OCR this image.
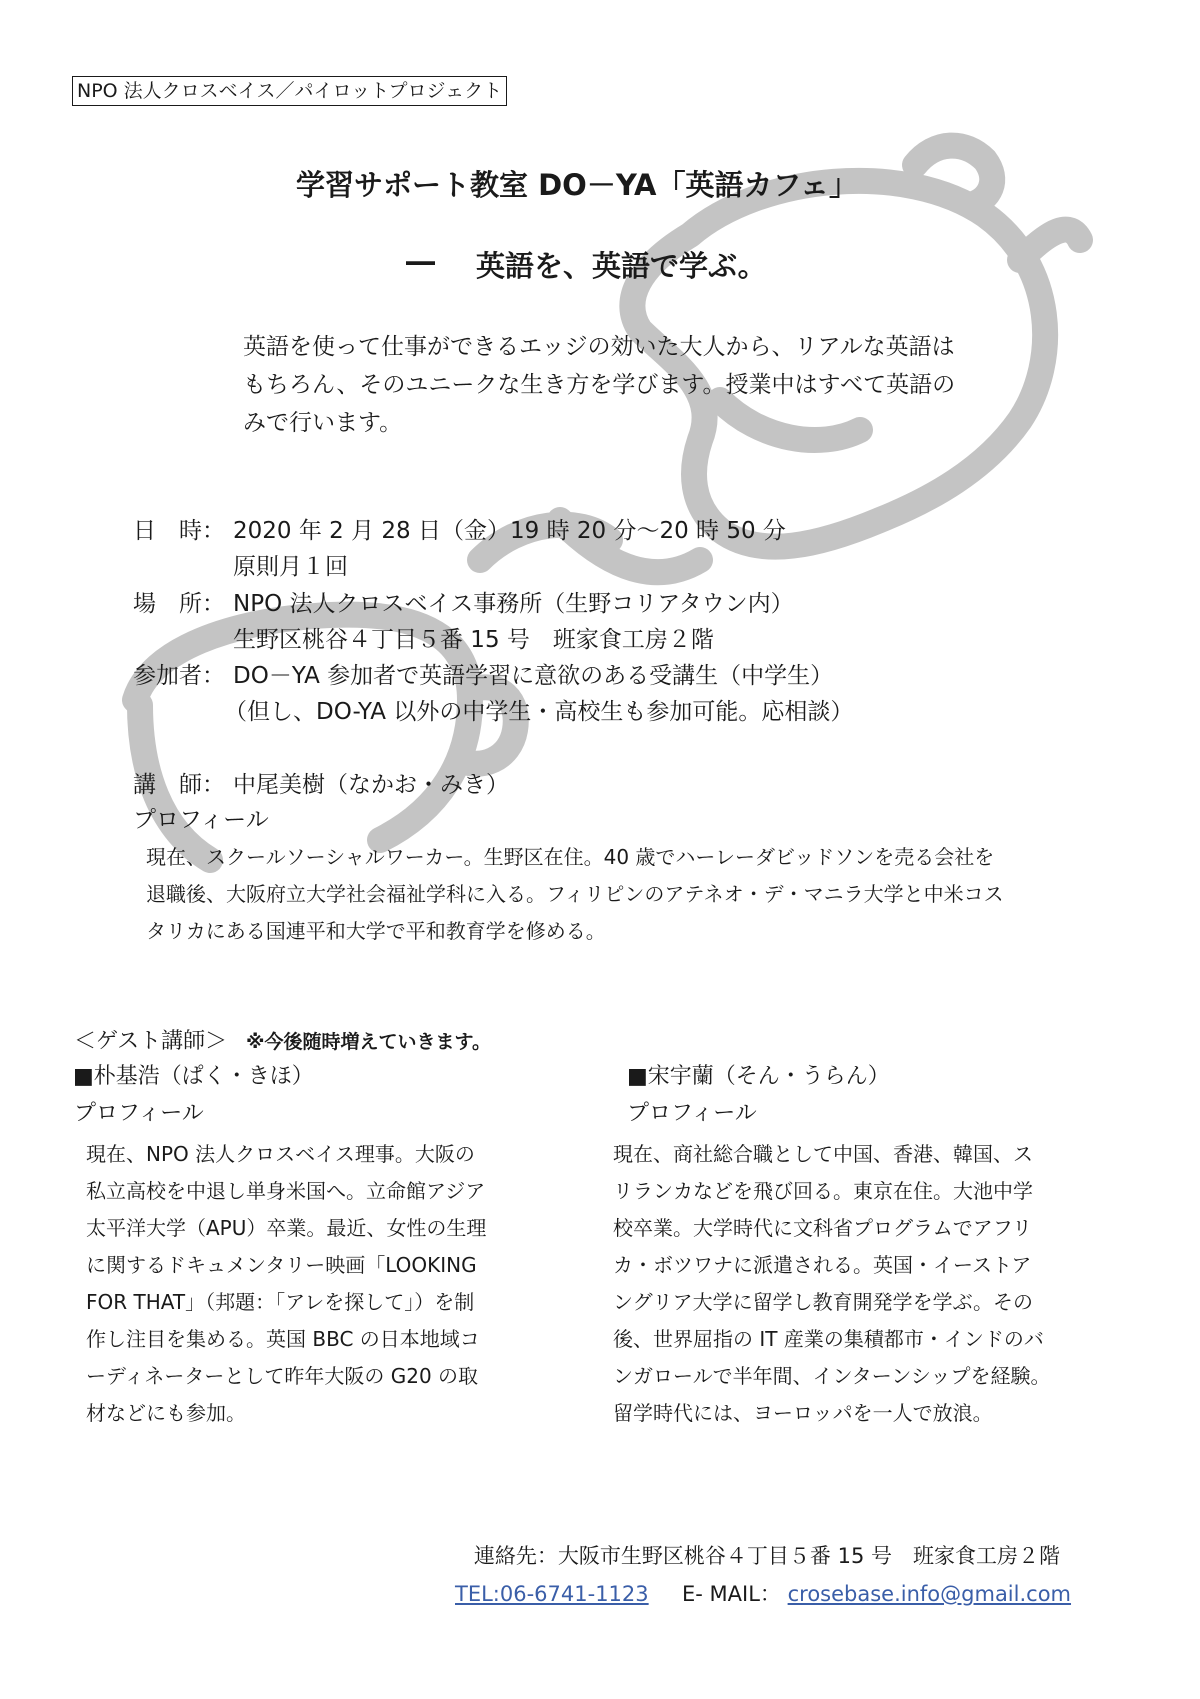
NPO 法人クロスベイス／パイロットプロジェクト
学習サポート教室 DO－YA「英語カフェ」
― 英語を、英語で学ぶ。
英語を使って仕事ができるエッジの効いた大人から、リアルな英語は
もちろん、そのユニークな生き方を学びます。授業中はすべて英語の
みで行います。
日　時： 2020 年 2 月 28 日（金）19 時 20 分～20 時 50 分
原則月１回
場　所： NPO 法人クロスベイス事務所（生野コリアタウン内）
生野区桃谷４丁目５番 15 号　班家食工房２階
参加者： DO－YA 参加者で英語学習に意欲のある受講生（中学生）
（但し、DO-YA 以外の中学生・高校生も参加可能。応相談）
講　師： 中尾美樹（なかお・みき）
プロフィール
現在、スクールソーシャルワーカー。生野区在住。40 歳でハーレーダビッドソンを売る会社を
退職後、大阪府立大学社会福祉学科に入る。フィリピンのアテネオ・デ・マニラ大学と中米コス
タリカにある国連平和大学で平和教育学を修める。
＜ゲスト講師＞ ※今後随時増えていきます。
■朴基浩（ぱく・きほ）
プロフィール
現在、NPO 法人クロスベイス理事。大阪の
私立高校を中退し単身米国へ。立命館アジア
太平洋大学（APU）卒業。最近、女性の生理
に関するドキュメンタリー映画「LOOKING
FOR THAT」（邦題：「アレを探して」）を制
作し注目を集める。英国 BBC の日本地域コ
ーディネーターとして昨年大阪の G20 の取
材などにも参加。
■宋宇蘭（そん・うらん）
プロフィール
現在、商社総合職として中国、香港、韓国、ス
リランカなどを飛び回る。東京在住。大池中学
校卒業。大学時代に文科省プログラムでアフリ
カ・ボツワナに派遣される。英国・イーストア
ングリア大学に留学し教育開発学を学ぶ。その
後、世界屈指の IT 産業の集積都市・インドのバ
ンガロールで半年間、インターンシップを経験。
留学時代には、ヨーロッパを一人で放浪。
連絡先：大阪市生野区桃谷４丁目５番 15 号　班家食工房２階
TEL:06-6741-1123 E- MAIL： crosebase.info@gmail.com
